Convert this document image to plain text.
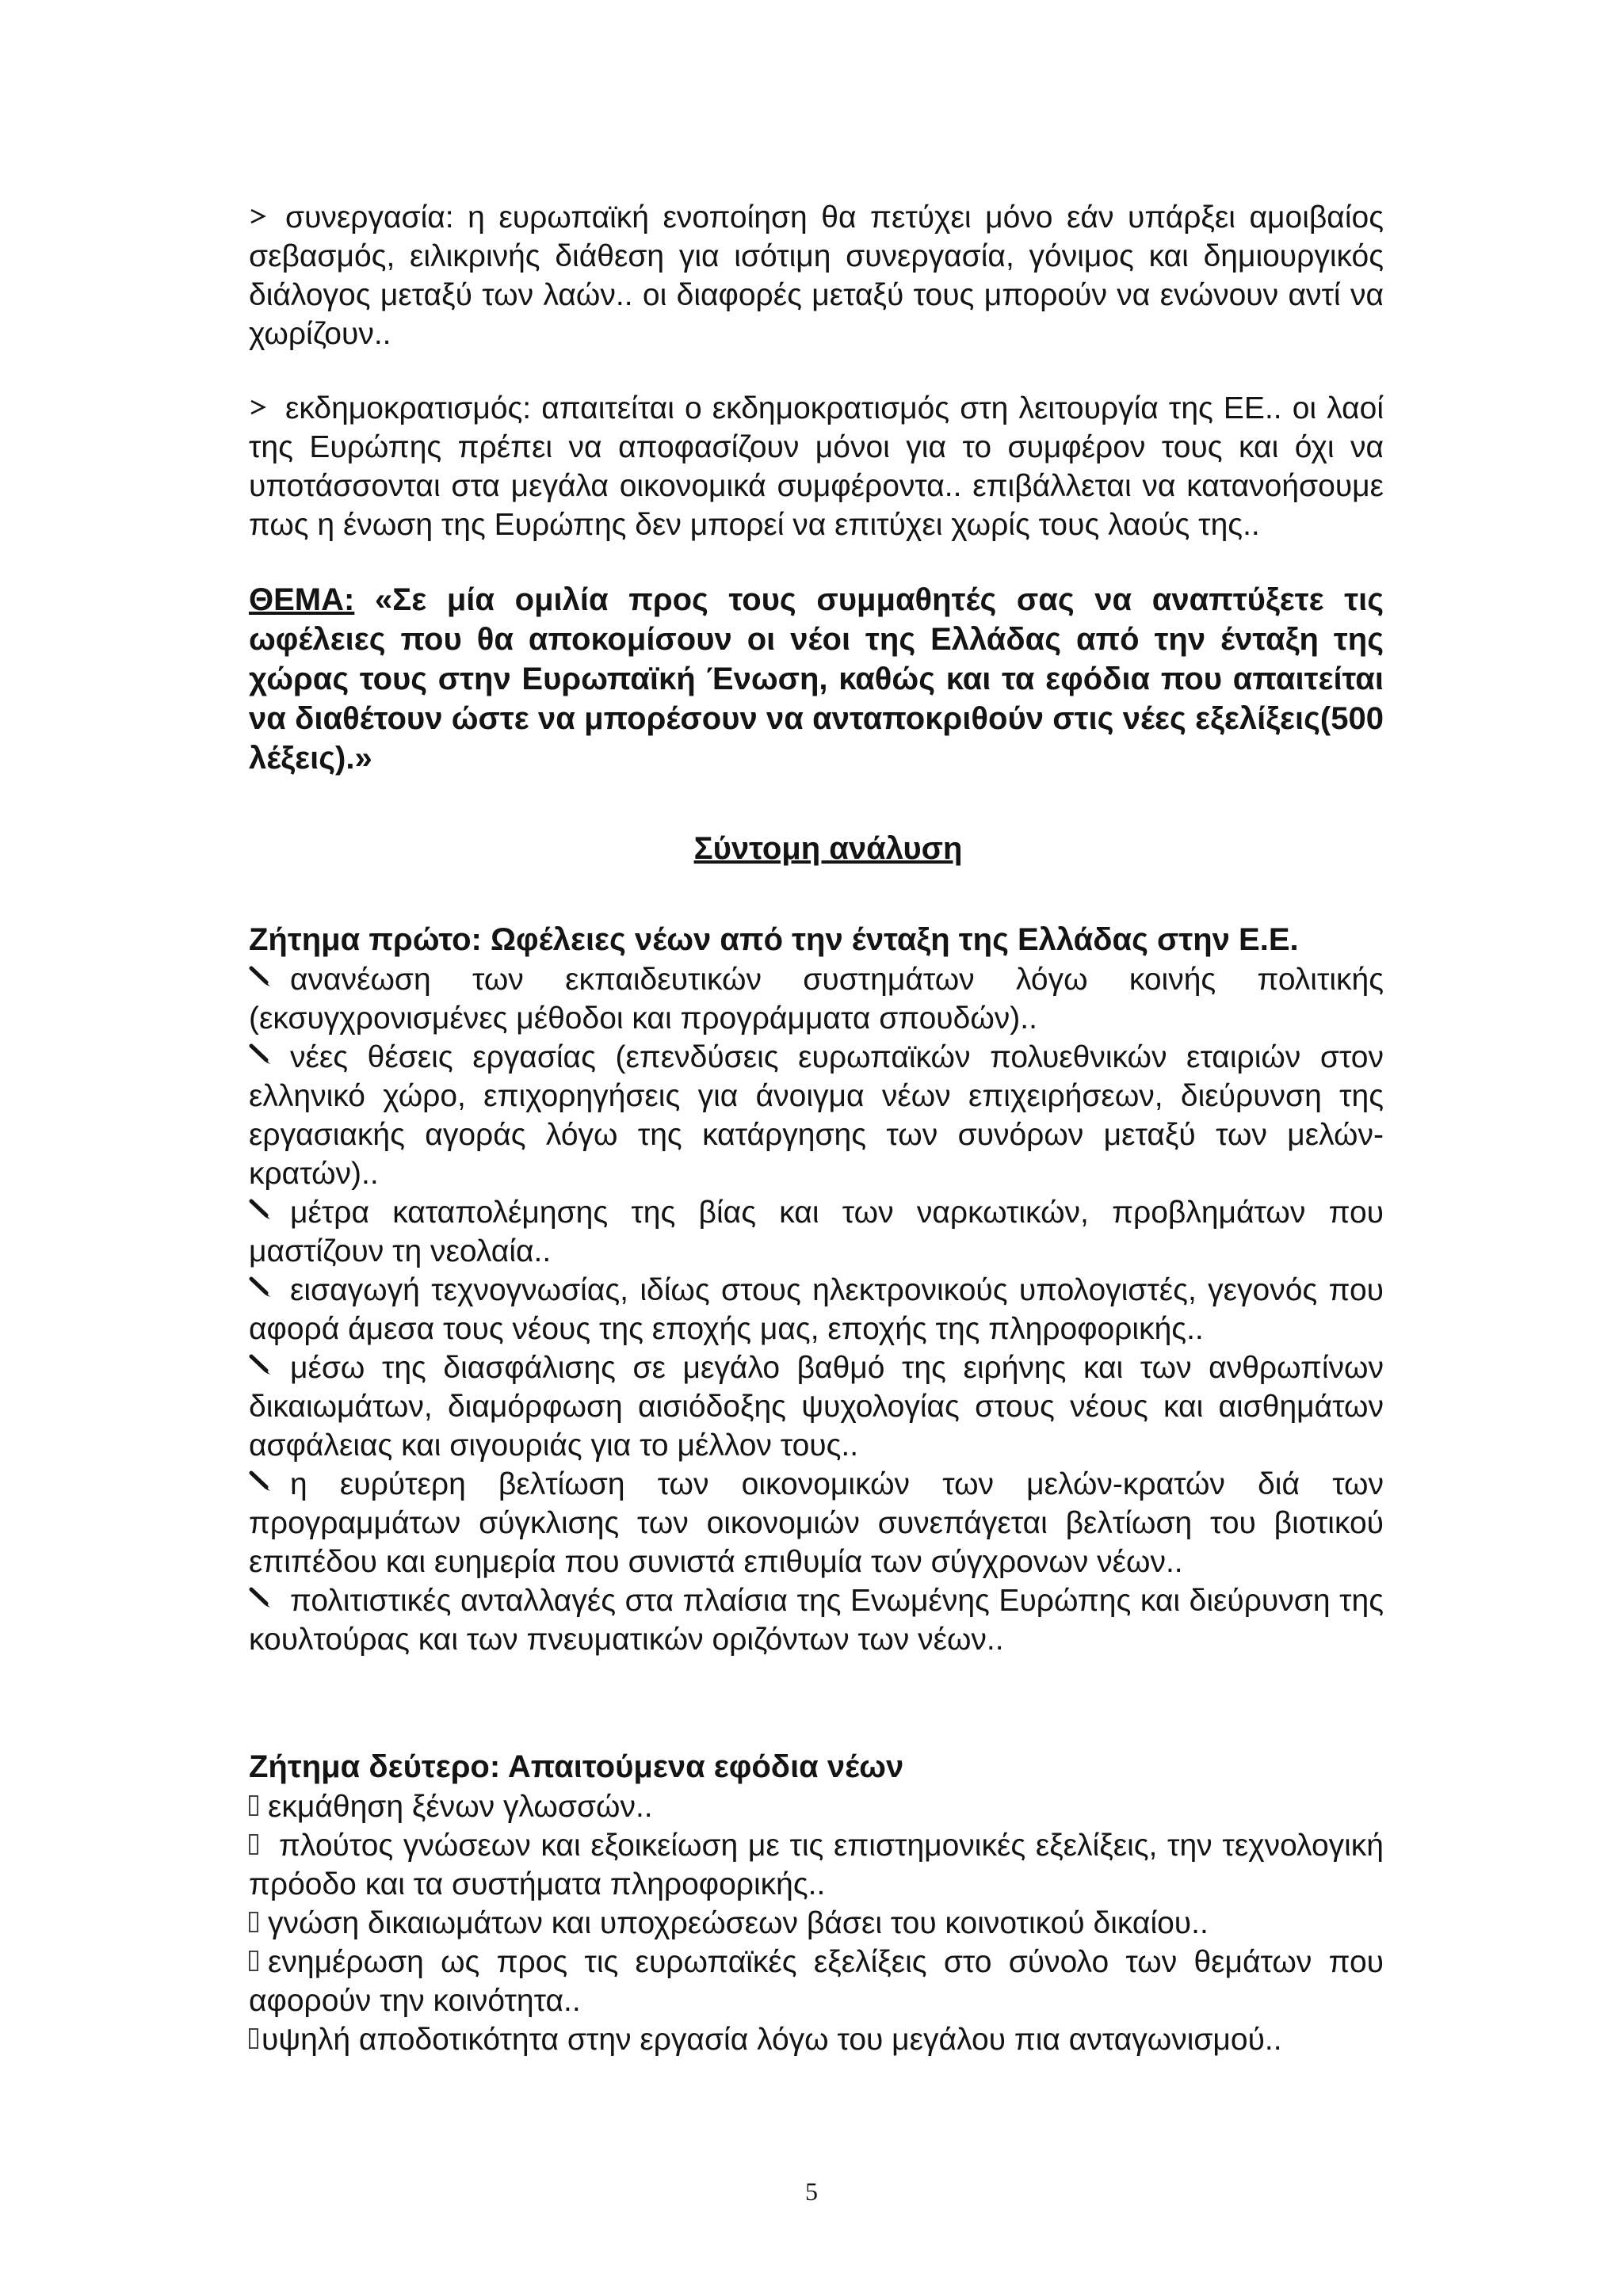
συνεργασία: η ευρωπαϊκή ενοποίηση θα πετύχει μόνο εάν υπάρξει αμοιβαίος σεβασμός, ειλικρινής διάθεση για ισότιμη συνεργασία, γόνιμος και δημιουργικός διάλογος μεταξύ των λαών.. οι διαφορές μεταξύ τους μπορούν να ενώνουν αντί να χωρίζουν..

εκδημοκρατισμός: απαιτείται ο εκδημοκρατισμός στη λειτουργία της ΕΕ.. οι λαοί της Ευρώπης πρέπει να αποφασίζουν μόνοι για το συμφέρον τους και όχι να υποτάσσονται στα μεγάλα οικονομικά συμφέροντα.. επιβάλλεται να κατανοήσουμε πως η ένωση της Ευρώπης δεν μπορεί να επιτύχει χωρίς τους λαούς της..

ΘΕΜΑ: «Σε μία ομιλία προς τους συμμαθητές σας να αναπτύξετε τις ωφέλειες που θα αποκομίσουν οι νέοι της Ελλάδας από την ένταξη της χώρας τους στην Ευρωπαϊκή Ένωση, καθώς και τα εφόδια που απαιτείται να διαθέτουν ώστε να μπορέσουν να ανταποκριθούν στις νέες εξελίξεις(500 λέξεις).»

Σύντομη ανάλυση

Ζήτημα πρώτο: Ωφέλειες νέων από την ένταξη της Ελλάδας στην Ε.Ε.

ανανέωση των εκπαιδευτικών συστημάτων λόγω κοινής πολιτικής (εκσυγχρονισμένες μέθοδοι και προγράμματα σπουδών)..

νέες θέσεις εργασίας (επενδύσεις ευρωπαϊκών πολυεθνικών εταιριών στον ελληνικό χώρο, επιχορηγήσεις για άνοιγμα νέων επιχειρήσεων, διεύρυνση της εργασιακής αγοράς λόγω της κατάργησης των συνόρων μεταξύ των μελών-κρατών)..

μέτρα καταπολέμησης της βίας και των ναρκωτικών, προβλημάτων που μαστίζουν τη νεολαία..

εισαγωγή τεχνογνωσίας, ιδίως στους ηλεκτρονικούς υπολογιστές, γεγονός που αφορά άμεσα τους νέους της εποχής μας, εποχής της πληροφορικής..

μέσω της διασφάλισης σε μεγάλο βαθμό της ειρήνης και των ανθρωπίνων δικαιωμάτων, διαμόρφωση αισιόδοξης ψυχολογίας στους νέους και αισθημάτων ασφάλειας και σιγουριάς για το μέλλον τους..

η ευρύτερη βελτίωση των οικονομικών των μελών-κρατών διά των προγραμμάτων σύγκλισης των οικονομιών συνεπάγεται βελτίωση του βιοτικού επιπέδου και ευημερία που συνιστά επιθυμία των σύγχρονων νέων..

πολιτιστικές ανταλλαγές στα πλαίσια της Ενωμένης Ευρώπης και διεύρυνση της κουλτούρας και των πνευματικών οριζόντων των νέων..

Ζήτημα δεύτερο: Απαιτούμενα εφόδια νέων

εκμάθηση ξένων γλωσσών..

πλούτος γνώσεων και εξοικείωση με τις επιστημονικές εξελίξεις, την τεχνολογική πρόοδο και τα συστήματα πληροφορικής..

γνώση δικαιωμάτων και υποχρεώσεων βάσει του κοινοτικού δικαίου..

ενημέρωση ως προς τις ευρωπαϊκές εξελίξεις στο σύνολο των θεμάτων που αφορούν την κοινότητα..

υψηλή αποδοτικότητα στην εργασία λόγω του μεγάλου πια ανταγωνισμού..

5
